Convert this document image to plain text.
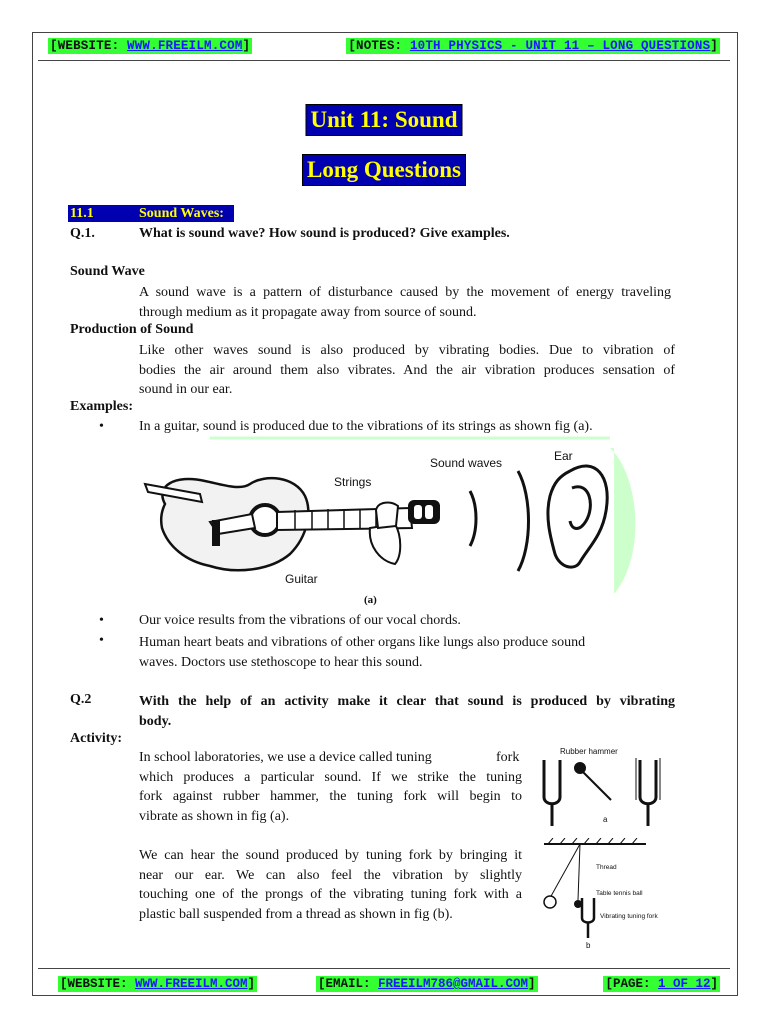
[WEBSITE: WWW.FREEILM.COM]	[NOTES: 10TH PHYSICS - UNIT 11 – LONG QUESTIONS]
Unit 11: Sound
Long Questions
11.1	Sound Waves:
Q.1.	What is sound wave? How sound is produced? Give examples.
Sound Wave
A sound wave is a pattern of disturbance caused by the movement of energy traveling
through medium as it propagate away from source of sound.
Production of Sound
Like other waves sound is also produced by vibrating bodies. Due to vibration of
bodies the air around them also vibrates. And the air vibration produces sensation of
sound in our ear.
Examples:
•	In a guitar, sound is produced due to the vibrations of its strings as shown fig (a).
Strings
Sound waves	Ear
Guitar
(a)
•	Our voice results from the vibrations of our vocal chords.
•	Human heart beats and vibrations of other organs like lungs also produce sound
waves. Doctors use stethoscope to hear this sound.
Q.2	With the help of an activity make it clear that sound is produced by vibrating
body.
Activity:
In school laboratories, we use a device called tuning	fork
which produces a particular sound. If we strike the tuning
fork against rubber hammer, the tuning fork will begin to
vibrate as shown in fig (a).
We can hear the sound produced by tuning fork by bringing it
near our ear. We can also feel the vibration by slightly
touching one of the prongs of the vibrating tuning fork with a
plastic ball suspended from a thread as shown in fig (b).
Rubber hammer
a
Thread
Table tennis ball
Vibrating tuning fork
b
[WEBSITE: WWW.FREEILM.COM]	[EMAIL: FREEILM786@GMAIL.COM]	[PAGE: 1 OF 12]
